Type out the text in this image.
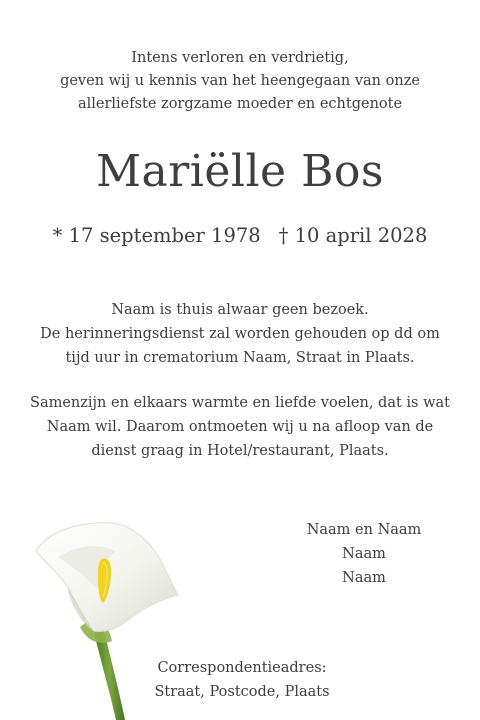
Intens verloren en verdrietig,
geven wij u kennis van het heengegaan van onze
allerliefste zorgzame moeder en echtgenote
Mariëlle Bos
* 17 september 1978 † 10 april 2028
Naam is thuis alwaar geen bezoek.
De herinneringsdienst zal worden gehouden op dd om
tijd uur in crematorium Naam, Straat in Plaats.
Samenzijn en elkaars warmte en liefde voelen, dat is wat
Naam wil. Daarom ontmoeten wij u na afloop van de
dienst graag in Hotel/restaurant, Plaats.
Naam en Naam
Naam
Naam
Correspondentieadres:
Straat, Postcode, Plaats
